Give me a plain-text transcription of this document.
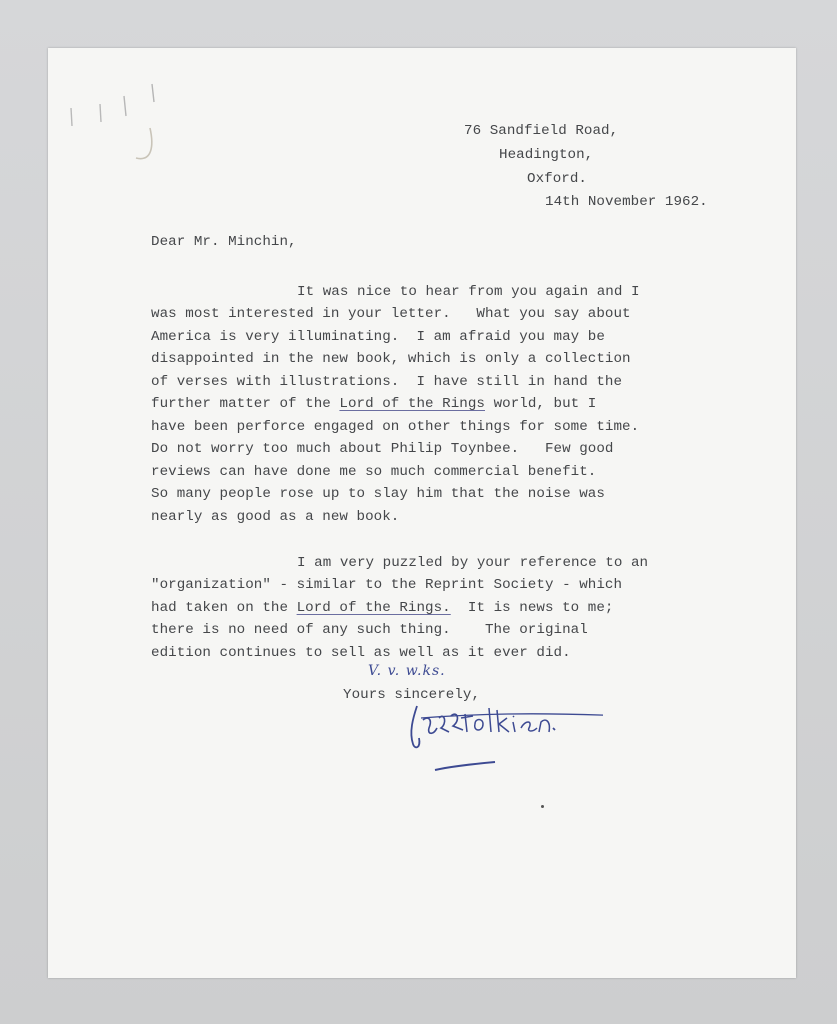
76 Sandfield Road,

Headington,

Oxford.

14th November 1962.

Dear Mr. Minchin,

It was nice to hear from you again and I

was most interested in your letter.   What you say about

America is very illuminating.  I am afraid you may be

disappointed in the new book, which is only a collection

of verses with illustrations.  I have still in hand the

further matter of the Lord of the Rings world, but I

have been perforce engaged on other things for some time.

Do not worry too much about Philip Toynbee.   Few good

reviews can have done me so much commercial benefit.

So many people rose up to slay him that the noise was

nearly as good as a new book.

I am very puzzled by your reference to an

"organization" - similar to the Reprint Society - which

had taken on the Lord of the Rings.  It is news to me;

there is no need of any such thing.    The original

edition continues to sell as well as it ever did.

V. v. w.ks.

Yours sincerely,
